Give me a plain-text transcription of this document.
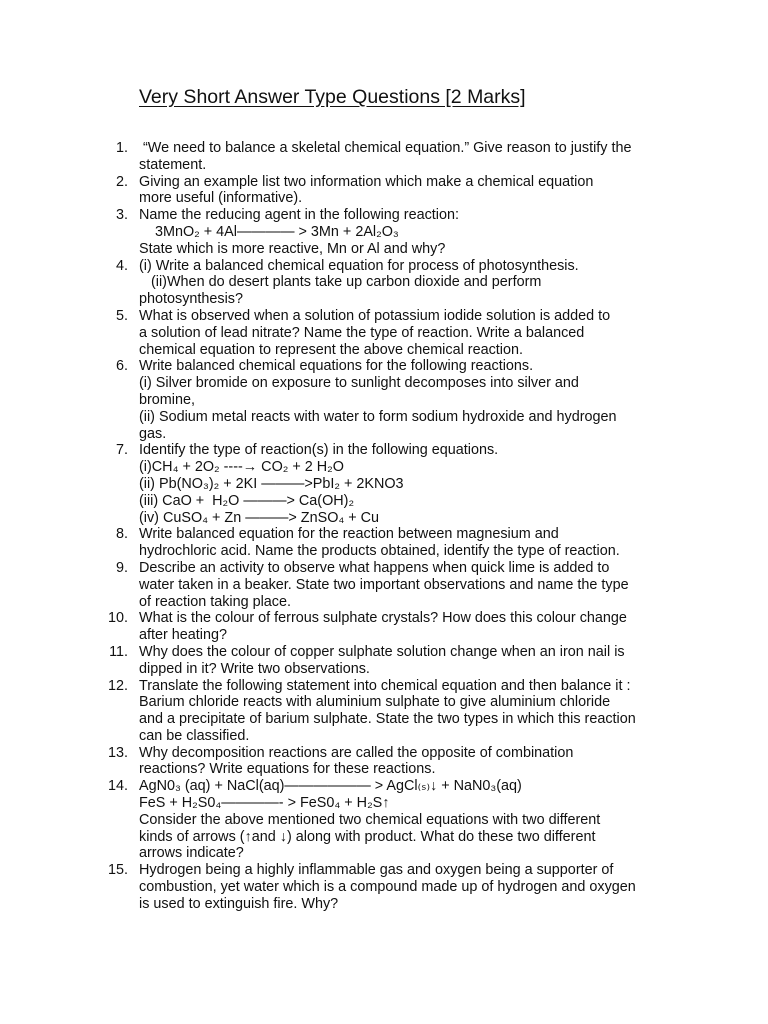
Very Short Answer Type Questions [2 Marks]
1. “We need to balance a skeletal chemical equation.” Give reason to justify the
statement.
2. Giving an example list two information which make a chemical equation
more useful (informative).
3. Name the reducing agent in the following reaction:
3MnO₂ + 4Al———— > 3Mn + 2Al₂O₃
State which is more reactive, Mn or Al and why?
4. (i) Write a balanced chemical equation for process of photosynthesis.
(ii)When do desert plants take up carbon dioxide and perform
photosynthesis?
5. What is observed when a solution of potassium iodide solution is added to
a solution of lead nitrate? Name the type of reaction. Write a balanced
chemical equation to represent the above chemical reaction.
6. Write balanced chemical equations for the following reactions.
(i) Silver bromide on exposure to sunlight decomposes into silver and
bromine,
(ii) Sodium metal reacts with water to form sodium hydroxide and hydrogen
gas.
7. Identify the type of reaction(s) in the following equations.
(i)CH₄ + 2O₂ ----→ CO₂ + 2 H₂O
(ii) Pb(NO₃)₂ + 2KI ———>PbI₂ + 2KNO3
(iii) CaO +  H₂O ———> Ca(OH)₂
(iv) CuSO₄ + Zn ———> ZnSO₄ + Cu
8. Write balanced equation for the reaction between magnesium and
hydrochloric acid. Name the products obtained, identify the type of reaction.
9. Describe an activity to observe what happens when quick lime is added to
water taken in a beaker. State two important observations and name the type
of reaction taking place.
10. What is the colour of ferrous sulphate crystals? How does this colour change
after heating?
11. Why does the colour of copper sulphate solution change when an iron nail is
dipped in it? Write two observations.
12. Translate the following statement into chemical equation and then balance it :
Barium chloride reacts with aluminium sulphate to give aluminium chloride
and a precipitate of barium sulphate. State the two types in which this reaction
can be classified.
13. Why decomposition reactions are called the opposite of combination
reactions? Write equations for these reactions.
14. AgN0₃ (aq) + NaCl(aq)—————— > AgCl₍ₛ₎↓ + NaN0₃(aq)
FeS + H₂S0₄————- > FeS0₄ + H₂S↑
Consider the above mentioned two chemical equations with two different
kinds of arrows (↑and ↓) along with product. What do these two different
arrows indicate?
15. Hydrogen being a highly inflammable gas and oxygen being a supporter of
combustion, yet water which is a compound made up of hydrogen and oxygen
is used to extinguish fire. Why?
